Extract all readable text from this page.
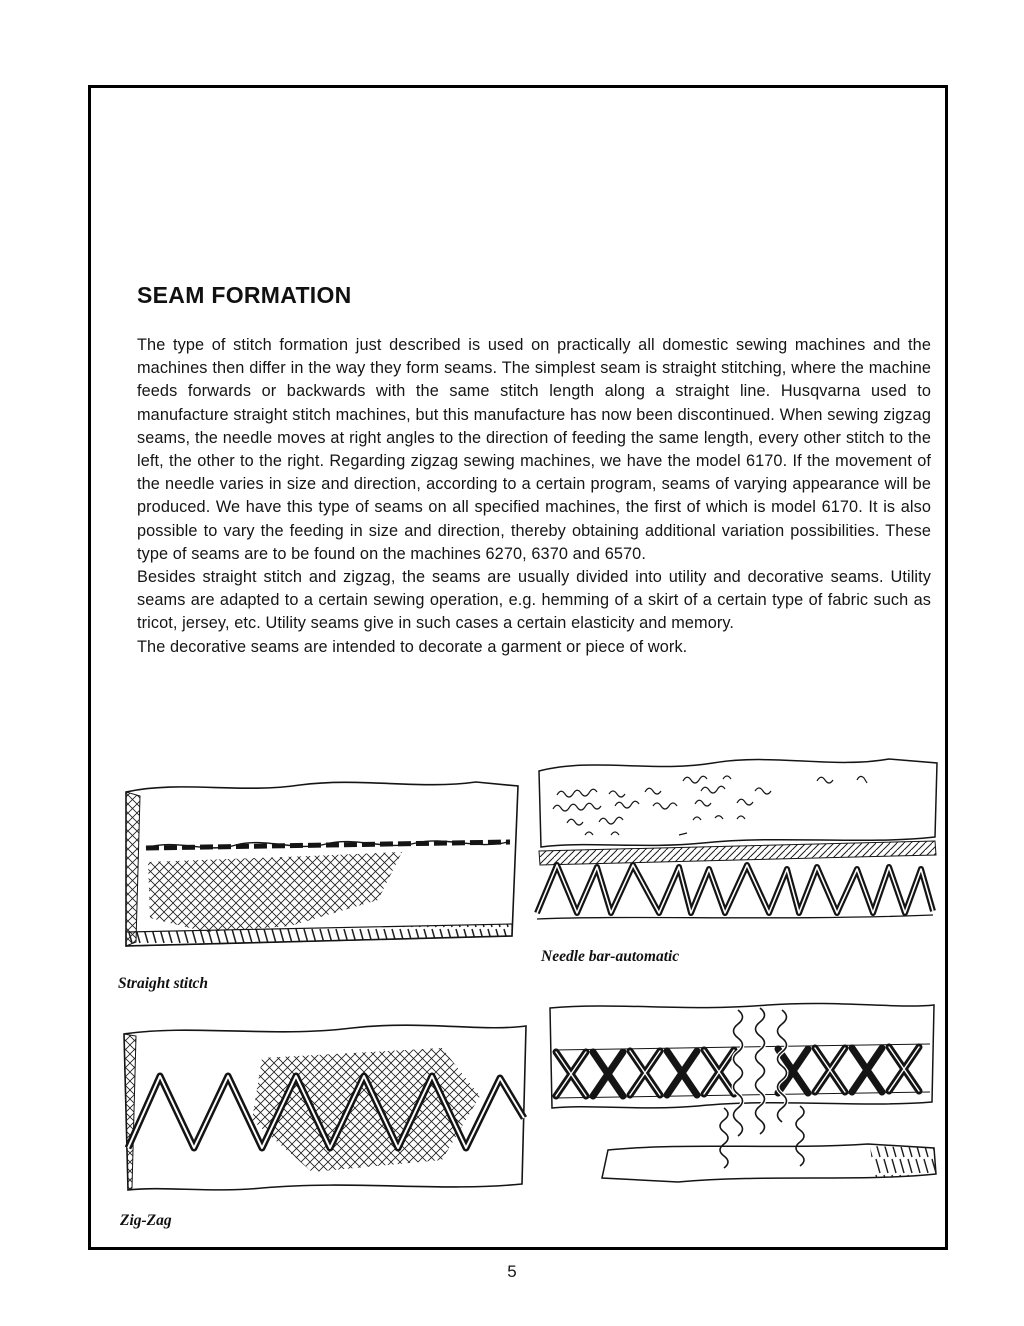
SEAM FORMATION

The type of stitch formation just described is used on practically all domestic sewing machines and the machines then differ in the way they form seams. The simplest seam is straight stitching, where the machine feeds forwards or backwards with the same stitch length along a straight line. Husqvarna used to manufacture straight stitch machines, but this manufacture has now been discontinued. When sewing zigzag seams, the needle moves at right angles to the direction of feeding the same length, every other stitch to the left, the other to the right. Regarding zigzag sewing machines, we have the model 6170. If the movement of the needle varies in size and direction, according to a certain program, seams of varying appearance will be produced. We have this type of seams on all specified machines, the first of which is model 6170. It is also possible to vary the feeding in size and direction, thereby obtaining additional variation possibilities. These type of seams are to be found on the machines 6270, 6370 and 6570.

Besides straight stitch and zigzag, the seams are usually divided into utility and decorative seams. Utility seams are adapted to a certain sewing operation, e.g. hemming of a skirt of a certain type of fabric such as tricot, jersey, etc. Utility seams give in such cases a certain elasticity and memory.

The decorative seams are intended to decorate a garment or piece of work.

Straight stitch

Needle bar-automatic

Zig-Zag

5
